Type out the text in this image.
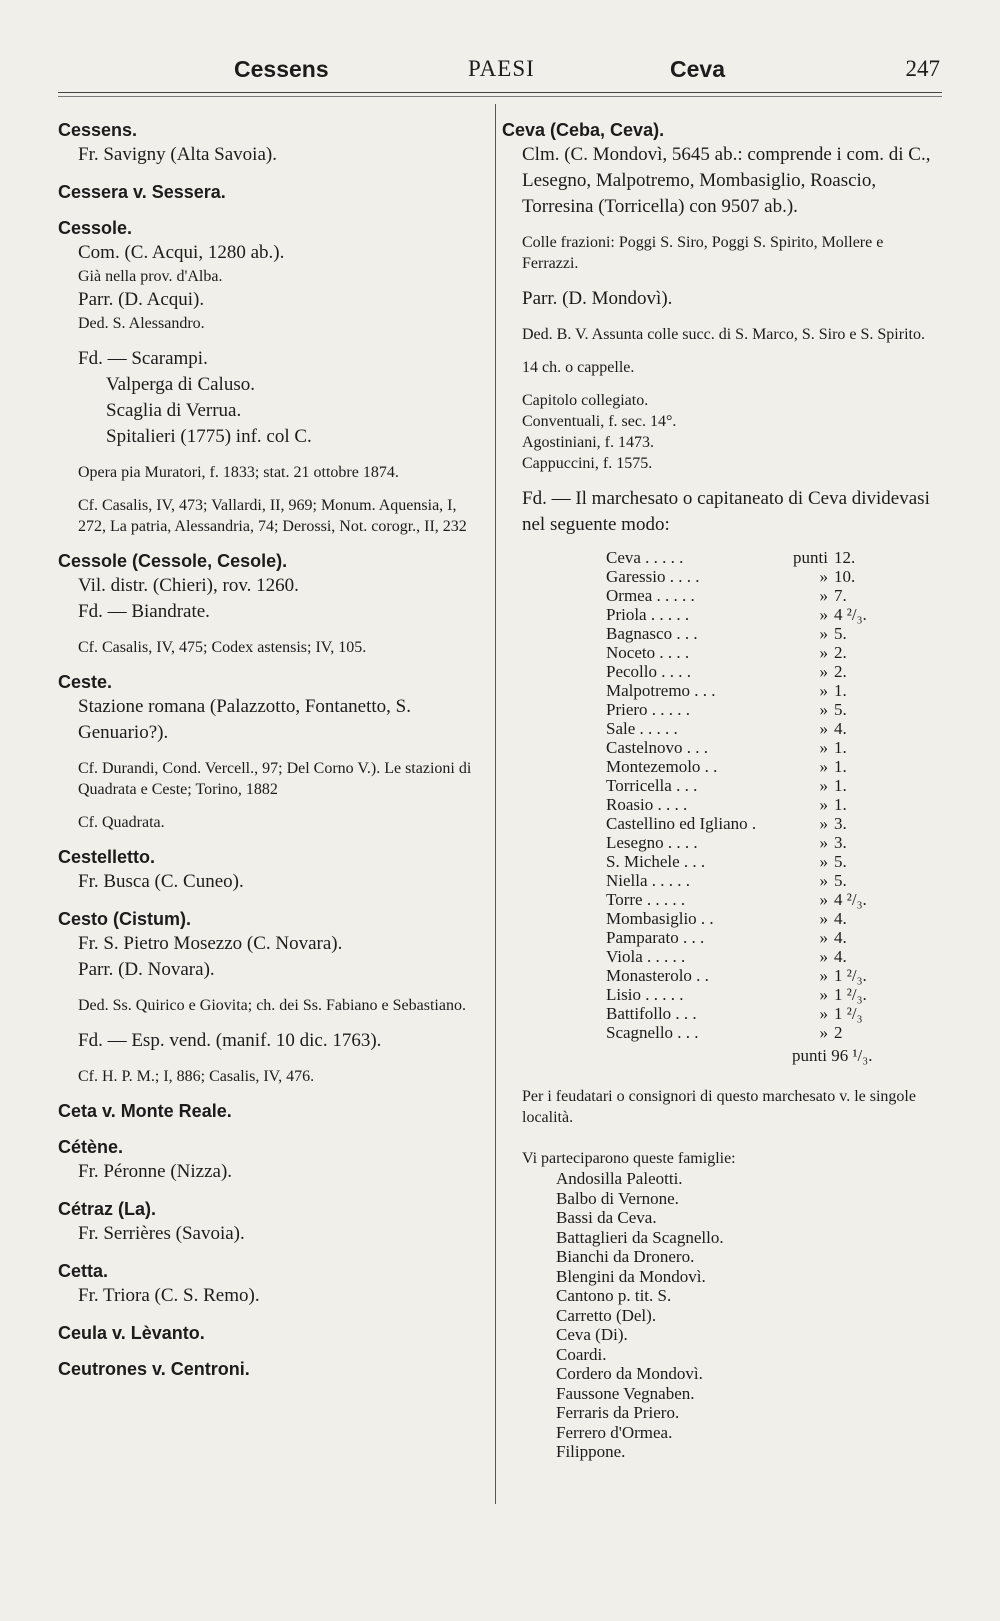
Cessens	PAESI	Ceva	247
Cessens.
Fr. Savigny (Alta Savoia).
Cessera v. Sessera.
Cessole.
Com. (C. Acqui, 1280 ab.).
Già nella prov. d'Alba.
Parr. (D. Acqui).
Ded. S. Alessandro.
Fd. — Scarampi.
Valperga di Caluso.
Scaglia di Verrua.
Spitalieri (1775) inf. col C.
Opera pia Muratori, f. 1833; stat. 21 ottobre 1874.
Cf. Casalis, IV, 473; Vallardi, II, 969; Monum. Aquensia, I, 272, La patria, Alessandria, 74; Derossi, Not. corogr., II, 232
Cessole (Cessole, Cesole).
Vil. distr. (Chieri), rov. 1260.
Fd. — Biandrate.
Cf. Casalis, IV, 475; Codex astensis; IV, 105.
Ceste.
Stazione romana (Palazzotto, Fontanetto, S. Genuario?).
Cf. Durandi, Cond. Vercell., 97; Del Corno V.). Le stazioni di Quadrata e Ceste; Torino, 1882
Cf. Quadrata.
Cestelletto.
Fr. Busca (C. Cuneo).
Cesto (Cistum).
Fr. S. Pietro Mosezzo (C. Novara).
Parr. (D. Novara).
Ded. Ss. Quirico e Giovita; ch. dei Ss. Fabiano e Sebastiano.
Fd. — Esp. vend. (manif. 10 dic. 1763).
Cf. H. P. M.; I, 886; Casalis, IV, 476.
Ceta v. Monte Reale.
Cétène.
Fr. Péronne (Nizza).
Cétraz (La).
Fr. Serrières (Savoia).
Cetta.
Fr. Triora (C. S. Remo).
Ceula v. Lèvanto.
Ceutrones v. Centroni.
Ceva (Ceba, Ceva).
Clm. (C. Mondovì, 5645 ab.: comprende i com. di C., Lesegno, Malpotremo, Mombasiglio, Roascio, Torresina (Torricella) con 9507 ab.).
Colle frazioni: Poggi S. Siro, Poggi S. Spirito, Mollere e Ferrazzi.
Parr. (D. Mondovì).
Ded. B. V. Assunta colle succ. di S. Marco, S. Siro e S. Spirito.
14 ch. o cappelle.
Capitolo collegiato.
Conventuali, f. sec. 14°.
Agostiniani, f. 1473.
Cappuccini, f. 1575.
Fd. — Il marchesato o capitaneato di Ceva dividevasi nel seguente modo:
Ceva . . . . .	punti	12.
Garessio . . . .	»	10.
Ormea . . . . .	»	7.
Priola . . . . .	»	4 ²/₃.
Bagnasco . . .	»	5.
Noceto . . . .	»	2.
Pecollo . . . .	»	2.
Malpotremo . . .	»	1.
Priero . . . . .	»	5.
Sale . . . . .	»	4.
Castelnovo . . .	»	1.
Montezemolo . .	»	1.
Torricella . . .	»	1.
Roasio . . . .	»	1.
Castellino ed Igliano .	»	3.
Lesegno . . . .	»	3.
S. Michele . . .	»	5.
Niella . . . . .	»	5.
Torre . . . . .	»	4 ²/₃.
Mombasiglio . .	»	4.
Pamparato . . .	»	4.
Viola . . . . .	»	4.
Monasterolo . .	»	1 ²/₃.
Lisio . . . . .	»	1 ²/₃.
Battifollo . . .	»	1 ²/₃
Scagnello . . .	»	2
punti 96 ¹/₃.
Per i feudatari o consignori di questo marchesato v. le singole località.
Vi parteciparono queste famiglie:
Andosilla Paleotti.
Balbo di Vernone.
Bassi da Ceva.
Battaglieri da Scagnello.
Bianchi da Dronero.
Blengini da Mondovì.
Cantono p. tit. S.
Carretto (Del).
Ceva (Di).
Coardi.
Cordero da Mondovì.
Faussone Vegnaben.
Ferraris da Priero.
Ferrero d'Ormea.
Filippone.
